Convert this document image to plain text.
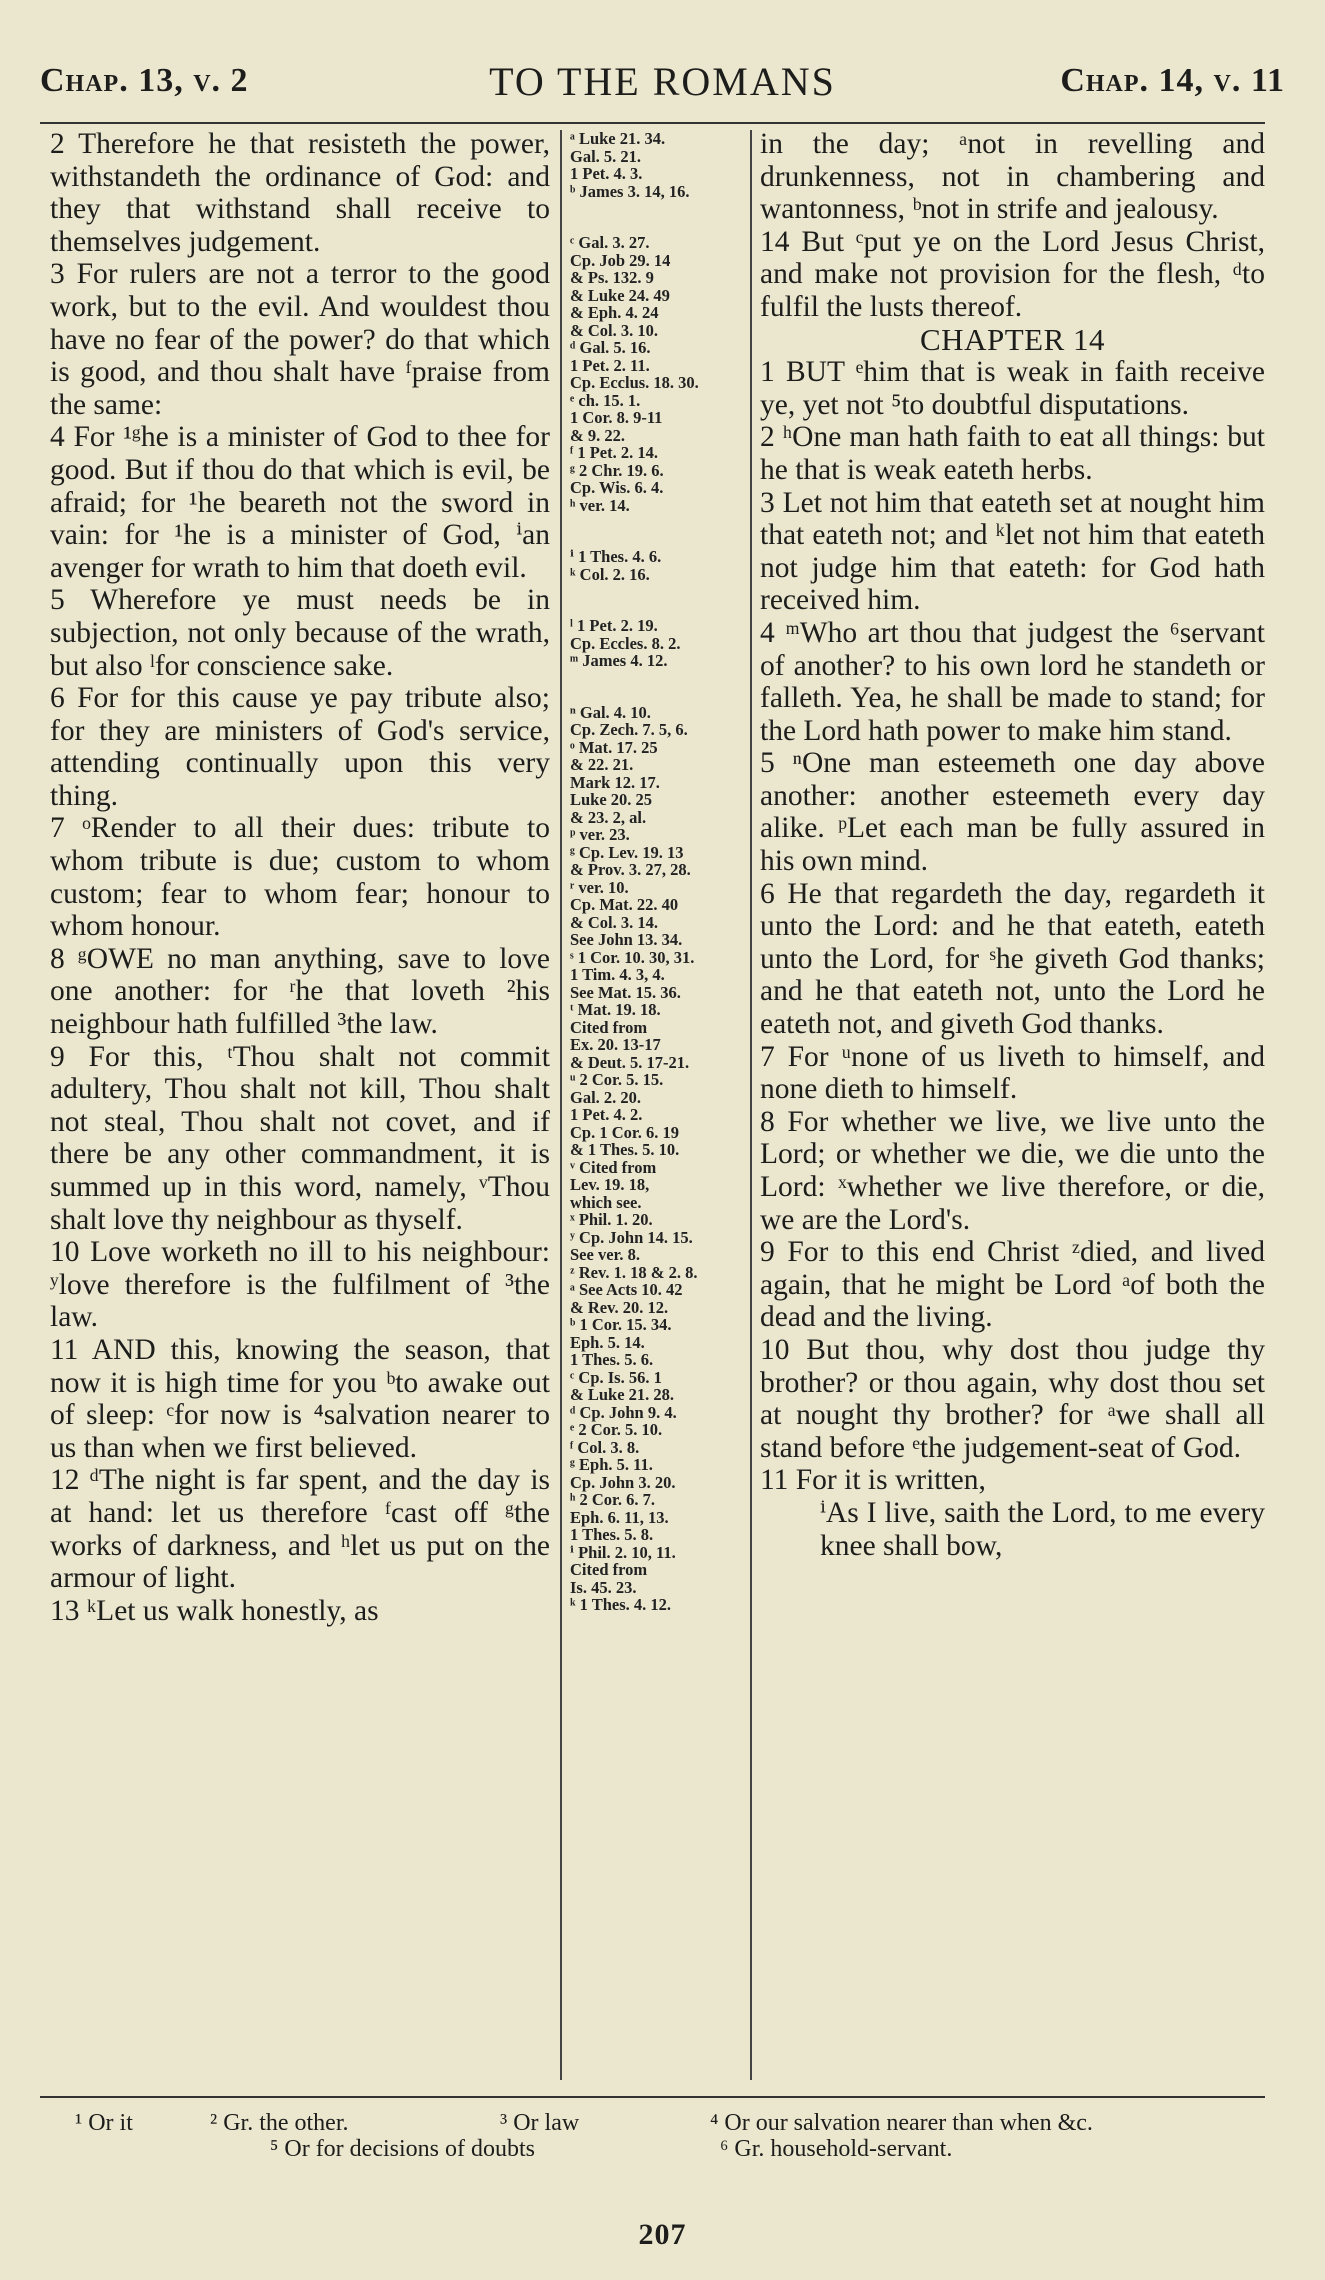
Chap. 13, v. 2	TO THE ROMANS	Chap. 14, v. 11

2 Therefore he that resisteth the power, withstandeth the ordinance of God: and they that withstand shall receive to themselves judgement.

3 For rulers are not a terror to the good work, but to the evil. And wouldest thou have no fear of the power? do that which is good, and thou shalt have ᶠpraise from the same:

4 For ¹ᵍhe is a minister of God to thee for good. But if thou do that which is evil, be afraid; for ¹he beareth not the sword in vain: for ¹he is a minister of God, ⁱan avenger for wrath to him that doeth evil.

5 Wherefore ye must needs be in subjection, not only because of the wrath, but also ˡfor conscience sake.

6 For for this cause ye pay tribute also; for they are ministers of God's service, attending continually upon this very thing.

7 ᵒRender to all their dues: tribute to whom tribute is due; custom to whom custom; fear to whom fear; honour to whom honour.

8 ᵍOWE no man anything, save to love one another: for ʳhe that loveth ²his neighbour hath fulfilled ³the law.

9 For this, ᵗThou shalt not commit adultery, Thou shalt not kill, Thou shalt not steal, Thou shalt not covet, and if there be any other commandment, it is summed up in this word, namely, ᵛThou shalt love thy neighbour as thyself.

10 Love worketh no ill to his neighbour: ʸlove therefore is the fulfilment of ³the law.

11 AND this, knowing the season, that now it is high time for you ᵇto awake out of sleep: ᶜfor now is ⁴salvation nearer to us than when we first believed.

12 ᵈThe night is far spent, and the day is at hand: let us therefore ᶠcast off ᵍthe works of darkness, and ʰlet us put on the armour of light.

13 ᵏLet us walk honestly, as

ᵃ Luke 21. 34.
Gal. 5. 21.
1 Pet. 4. 3.

ᵇ James 3. 14, 16.

ᶜ Gal. 3. 27.
Cp. Job 29. 14
& Ps. 132. 9
& Luke 24. 49
& Eph. 4. 24
& Col. 3. 10.

ᵈ Gal. 5. 16.
1 Pet. 2. 11.
Cp. Ecclus. 18. 30.

ᵉ ch. 15. 1.
1 Cor. 8. 9-11
& 9. 22.

ᶠ 1 Pet. 2. 14.

ᵍ 2 Chr. 19. 6.
Cp. Wis. 6. 4.

ʰ ver. 14.

ⁱ 1 Thes. 4. 6.

ᵏ Col. 2. 16.

ˡ 1 Pet. 2. 19.
Cp. Eccles. 8. 2.

ᵐ James 4. 12.

ⁿ Gal. 4. 10.
Cp. Zech. 7. 5, 6.

ᵒ Mat. 17. 25
& 22. 21.
Mark 12. 17.
Luke 20. 25
& 23. 2, al.

ᵖ ver. 23.

ᵍ Cp. Lev. 19. 13
& Prov. 3. 27, 28.

ʳ ver. 10.
Cp. Mat. 22. 40
& Col. 3. 14.
See John 13. 34.

ˢ 1 Cor. 10. 30, 31.
1 Tim. 4. 3, 4.
See Mat. 15. 36.

ᵗ Mat. 19. 18.
Cited from
Ex. 20. 13-17
& Deut. 5. 17-21.

ᵘ 2 Cor. 5. 15.
Gal. 2. 20.
1 Pet. 4. 2.
Cp. 1 Cor. 6. 19
& 1 Thes. 5. 10.

ᵛ Cited from
Lev. 19. 18,
which see.

ˣ Phil. 1. 20.

ʸ Cp. John 14. 15.
See ver. 8.

ᶻ Rev. 1. 18 & 2. 8.

ᵃ See Acts 10. 42
& Rev. 20. 12.

ᵇ 1 Cor. 15. 34.
Eph. 5. 14.
1 Thes. 5. 6.

ᶜ Cp. Is. 56. 1
& Luke 21. 28.

ᵈ Cp. John 9. 4.

ᵉ 2 Cor. 5. 10.

ᶠ Col. 3. 8.

ᵍ Eph. 5. 11.
Cp. John 3. 20.

ʰ 2 Cor. 6. 7.
Eph. 6. 11, 13.
1 Thes. 5. 8.

ⁱ Phil. 2. 10, 11.
Cited from
Is. 45. 23.

ᵏ 1 Thes. 4. 12.

in the day; ᵃnot in revelling and drunkenness, not in chambering and wantonness, ᵇnot in strife and jealousy.

14 But ᶜput ye on the Lord Jesus Christ, and make not provision for the flesh, ᵈto fulfil the lusts thereof.

CHAPTER 14

1 BUT ᵉhim that is weak in faith receive ye, yet not ⁵to doubtful disputations.

2 ʰOne man hath faith to eat all things: but he that is weak eateth herbs.

3 Let not him that eateth set at nought him that eateth not; and ᵏlet not him that eateth not judge him that eateth: for God hath received him.

4 ᵐWho art thou that judgest the ⁶servant of another? to his own lord he standeth or falleth. Yea, he shall be made to stand; for the Lord hath power to make him stand.

5 ⁿOne man esteemeth one day above another: another esteemeth every day alike. ᵖLet each man be fully assured in his own mind.

6 He that regardeth the day, regardeth it unto the Lord: and he that eateth, eateth unto the Lord, for ˢhe giveth God thanks; and he that eateth not, unto the Lord he eateth not, and giveth God thanks.

7 For ᵘnone of us liveth to himself, and none dieth to himself.

8 For whether we live, we live unto the Lord; or whether we die, we die unto the Lord: ˣwhether we live therefore, or die, we are the Lord's.

9 For to this end Christ ᶻdied, and lived again, that he might be Lord ᵃof both the dead and the living.

10 But thou, why dost thou judge thy brother? or thou again, why dost thou set at nought thy brother? for ᵃwe shall all stand before ᵉthe judgement-seat of God.

11 For it is written,

ⁱAs I live, saith the Lord, to me every knee shall bow,

¹ Or it	² Gr. the other.	³ Or law	⁴ Or our salvation nearer than when &c.
⁵ Or for decisions of doubts	⁶ Gr. household-servant.
207
